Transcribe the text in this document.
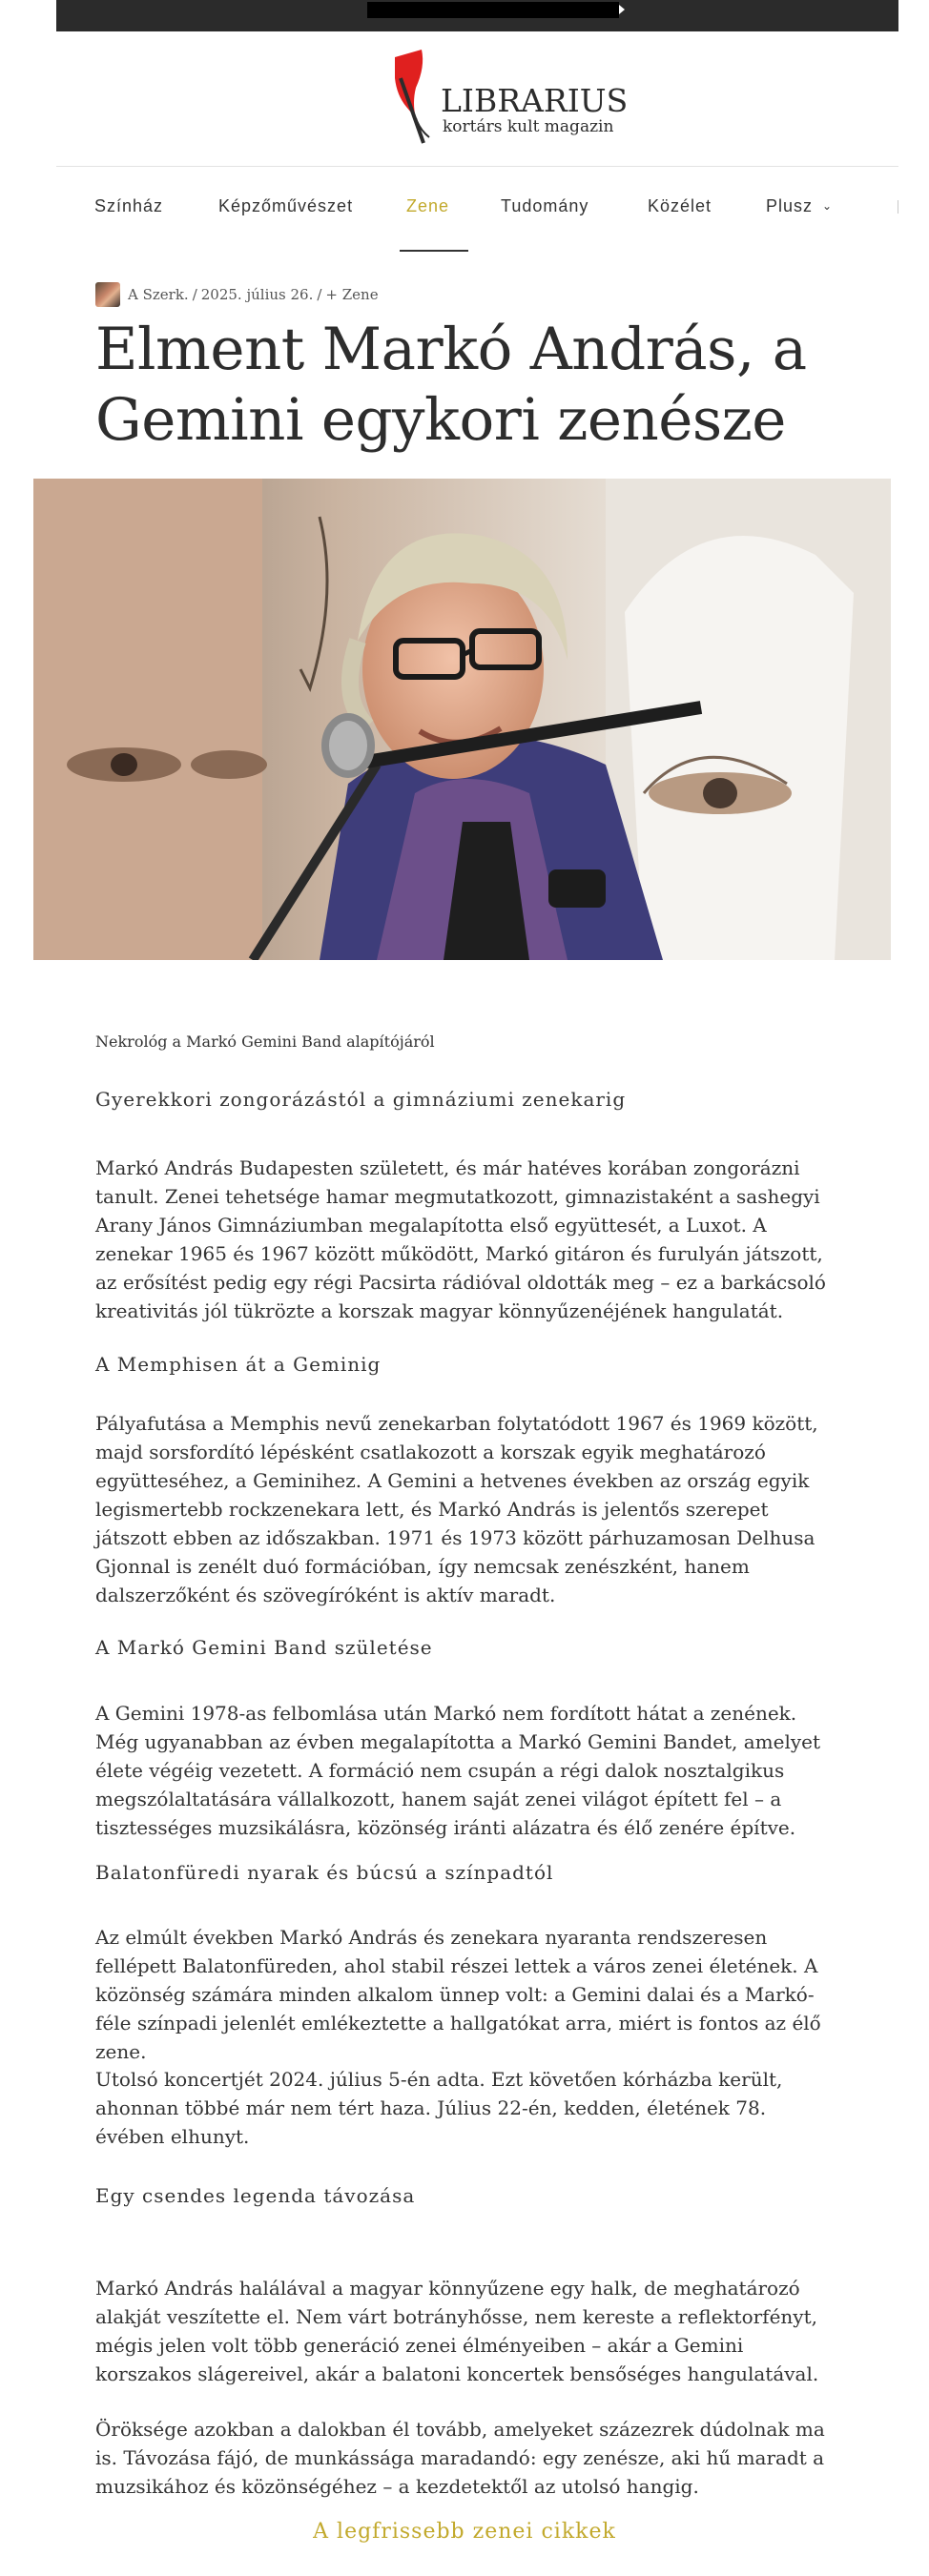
LIBRARIUS
kortárs kult magazin
Színház	Képzőművészet	Zene	Tudomány	Közélet	Plusz ⌄
A Szerk. / 2025. július 26. / + Zene
Elment Markó András, a Gemini egykori zenésze
Nekrológ a Markó Gemini Band alapítójáról
Gyerekkori zongorázástól a gimnáziumi zenekarig
Markó András Budapesten született, és már hatéves korában zongorázni tanult. Zenei tehetsége hamar megmutatkozott, gimnazistaként a sashegyi Arany János Gimnáziumban megalapította első együttesét, a Luxot. A zenekar 1965 és 1967 között működött, Markó gitáron és furulyán játszott, az erősítést pedig egy régi Pacsirta rádióval oldották meg – ez a barkácsoló kreativitás jól tükrözte a korszak magyar könnyűzenéjének hangulatát.
A Memphisen át a Geminig
Pályafutása a Memphis nevű zenekarban folytatódott 1967 és 1969 között, majd sorsfordító lépésként csatlakozott a korszak egyik meghatározó együtteséhez, a Geminihez. A Gemini a hetvenes években az ország egyik legismertebb rockzenekara lett, és Markó András is jelentős szerepet játszott ebben az időszakban. 1971 és 1973 között párhuzamosan Delhusa Gjonnal is zenélt duó formációban, így nemcsak zenészként, hanem dalszerzőként és szövegíróként is aktív maradt.
A Markó Gemini Band születése
A Gemini 1978-as felbomlása után Markó nem fordított hátat a zenének. Még ugyanabban az évben megalapította a Markó Gemini Bandet, amelyet élete végéig vezetett. A formáció nem csupán a régi dalok nosztalgikus megszólaltatására vállalkozott, hanem saját zenei világot épített fel – a tisztességes muzsikálásra, közönség iránti alázatra és élő zenére építve.
Balatonfüredi nyarak és búcsú a színpadtól
Az elmúlt években Markó András és zenekara nyaranta rendszeresen fellépett Balatonfüreden, ahol stabil részei lettek a város zenei életének. A közönség számára minden alkalom ünnep volt: a Gemini dalai és a Markó-féle színpadi jelenlét emlékeztette a hallgatókat arra, miért is fontos az élő zene.
Utolsó koncertjét 2024. július 5-én adta. Ezt követően kórházba került, ahonnan többé már nem tért haza. Július 22-én, kedden, életének 78. évében elhunyt.
Egy csendes legenda távozása
Markó András halálával a magyar könnyűzene egy halk, de meghatározó alakját veszítette el. Nem várt botrányhősse, nem kereste a reflektorfényt, mégis jelen volt több generáció zenei élményeiben – akár a Gemini korszakos slágereivel, akár a balatoni koncertek bensőséges hangulatával.
Öröksége azokban a dalokban él tovább, amelyeket százezrek dúdolnak ma is. Távozása fájó, de munkássága maradandó: egy zenésze, aki hű maradt a muzsikához és közönségéhez – a kezdetektől az utolsó hangig.
A legfrissebb zenei cikkek
